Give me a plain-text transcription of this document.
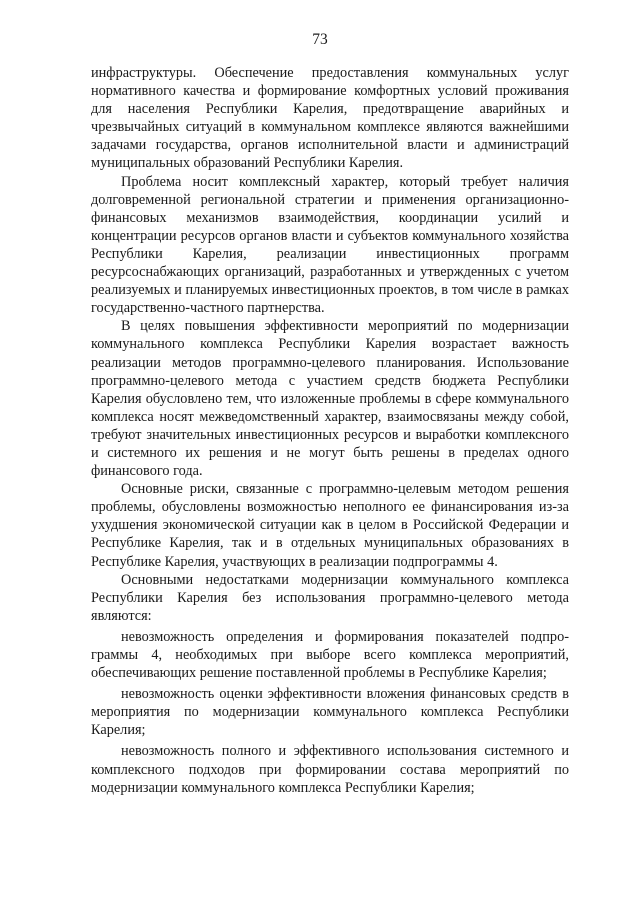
73

инфраструктуры. Обеспечение предоставления коммунальных услуг нормативного качества и формирование комфортных условий проживания для населения Республики Карелия, предотвращение аварийных и чрезвычайных ситуаций в коммунальном комплексе являются важнейшими задачами государства, органов исполнительной власти и администраций муниципальных образований Республики Карелия.

Проблема носит комплексный характер, который требует наличия долговременной региональной стратегии и применения организационно-финансовых механизмов взаимодействия, координации усилий и концентрации ресурсов органов власти и субъектов коммунального хозяйства Республики Карелия, реализации инвестиционных программ ресурсоснабжающих организаций, разработанных и утвержденных с учетом реализуемых и планируемых инвестиционных проектов, в том числе в рамках государственно-частного партнерства.

В целях повышения эффективности мероприятий по модернизации коммунального комплекса Республики Карелия возрастает важность реализации методов программно-целевого планирования. Использование программно-целевого метода с участием средств бюджета Республики Карелия обусловлено тем, что изложенные проблемы в сфере коммунального комплекса носят межведомственный характер, взаимосвязаны между собой, требуют значительных инвестиционных ресурсов и выработки комплексного и системного их решения и не могут быть решены в пределах одного финансового года.

Основные риски, связанные с программно-целевым методом решения проблемы, обусловлены возможностью неполного ее финансирования из-за ухудшения экономической ситуации как в целом в Российской Федерации и Республике Карелия, так и в отдельных муниципальных образованиях в Республике Карелия, участвующих в реализации подпрограммы 4.

Основными недостатками модернизации коммунального комплекса Республики Карелия без использования программно-целевого метода являются:

невозможность определения и формирования показателей подпрограммы 4, необходимых при выборе всего комплекса мероприятий, обеспечивающих решение поставленной проблемы в Республике Карелия;

невозможность оценки эффективности вложения финансовых средств в мероприятия по модернизации коммунального комплекса Республики Карелия;

невозможность полного и эффективного использования системного и комплексного подходов при формировании состава мероприятий по модернизации коммунального комплекса Республики Карелия;
